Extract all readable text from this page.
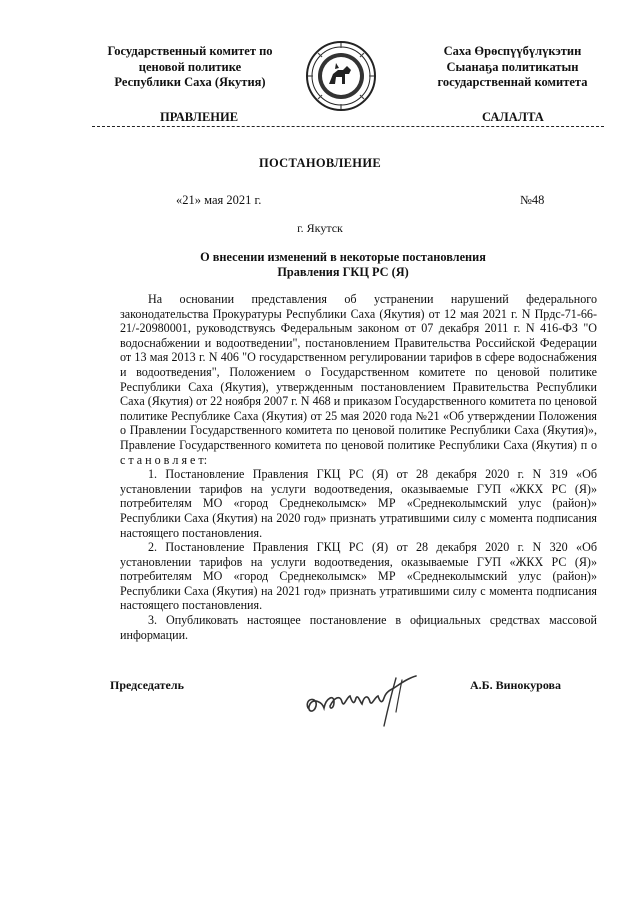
Государственный комитет по
ценовой политике
Республики Саха (Якутия)
Саха Өрөспүүбүлүкэтин
Сыанаҕа политикатын
государственнай комитета
ПРАВЛЕНИЕ	САЛАЛТА
ПОСТАНОВЛЕНИЕ
«21» мая 2021 г.	№48
г. Якутск
О внесении изменений в некоторые постановления
Правления ГКЦ РС (Я)

На основании представления об устранении нарушений федерального законодательства Прокуратуры Республики Саха (Якутия) от 12 мая 2021 г. N Прдс-71-66-21/-20980001, руководствуясь Федеральным законом от 07 декабря 2011 г. N 416-ФЗ "О водоснабжении и водоотведении", постановлением Правительства Российской Федерации от 13 мая 2013 г. N 406 "О государственном регулировании тарифов в сфере водоснабжения и водоотведения", Положением о Государственном комитете по ценовой политике Республики Саха (Якутия), утвержденным постановлением Правительства Республики Саха (Якутия) от 22 ноября 2007 г. N 468 и приказом Государственного комитета по ценовой политике Республике Саха (Якутия) от 25 мая 2020 года №21 «Об утверждении Положения о Правлении Государственного комитета по ценовой политике Республики Саха (Якутия)», Правление Государственного комитета по ценовой политике Республики Саха (Якутия) п о с т а н о в л я е т:

1. Постановление Правления ГКЦ РС (Я) от 28 декабря 2020 г. N 319 «Об установлении тарифов на услуги водоотведения, оказываемые ГУП «ЖКХ РС (Я)» потребителям МО «город Среднеколымск» МР «Среднеколымский улус (район)» Республики Саха (Якутия) на 2020 год» признать утратившими силу с момента подписания настоящего постановления.

2. Постановление Правления ГКЦ РС (Я) от 28 декабря 2020 г. N 320 «Об установлении тарифов на услуги водоотведения, оказываемые ГУП «ЖКХ РС (Я)» потребителям МО «город Среднеколымск» МР «Среднеколымский улус (район)» Республики Саха (Якутия) на 2021 год» признать утратившими силу с момента подписания настоящего постановления.

3. Опубликовать настоящее постановление в официальных средствах массовой информации.

Председатель	А.Б. Винокурова
